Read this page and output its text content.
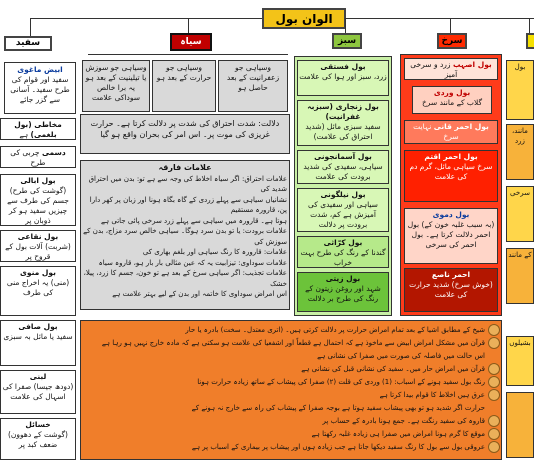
الوان بول
سفید	سیاہ	سبز	سرخ
وسیاہی جو سوزش یا تیلینیت کے بعد ہو یہ برا خالص سوداکی علامت
وسیاہی جو حرارت کے بعد ہو
وسیاہی جو زعفرانیت کے بعد حاصل ہو
دلالت: شدت احتراق کی شدت پر دلالت کرتا ہے۔ حرارت غریزی کی موت پر۔ اس امر کی بحران واقع ہو گیا
علامات فارقہ
علامات احتراق: اگر سیاہ اخلاط کی وجہ سے ہے تو: بدن میں احتراق شدید کی
نشانیاں سیاہی سے پہلے زردی کے گاہ بگاہ ہونا اور زبان پر کھر دارا پن، قارورہ مستقیم
ہوتا ہے۔ قارورہ میں سیاہی سے پہلے زرد سرخی پائی جاتی ہے
علامات برودت: یا تو بدن سرد ہوگا۔ سیاہی خالص سرد مزاج، بدن کے سوزش کی
علامات: قارورہ کا رنگ سیاہی اور بلغم بھاری کی
علامات سوداوی: تیزابیت یہ کہ عین مثالی بار بار ہو، قاروہ سیاہ
علامات تجذیب: اگر سیاہی سرخ کے بعد ہے تو خون، جسم کا زرد، پیلا، خشک
اس امراض سوداوی کا خاتمہ اور بدن کے لیے بہتر علامت ہے
بول فستقی
زرد، سبز اور ہوا کی علامت
بول زنجاری (سبزبہ غفرانیت)
سفید سبزی مائل (شدید احتراق کی علامت)
بول آسمانجونی
سیاہی، سفیدی کی شدید برودت کی علامت
بول نیلگونی
سیاہی اور سفیدی کی آمیزش ہے کم، شدت برودت پر دلالت
بول کرّاثی
گندنا کے رنگ کی طرح بہت خراب
بول زیتی
شہد اور روغن زیتون کے رنگ کی طرح بر دلالت
بول اصہب زرد و سرخی آمیز
بول وردی
گلاب کے مانند سرخ
بول احمر قانی نہایت سرخ
بول احمر اقتم
سرخ سیاہی مائل، گرم دم کی علامت
بول دموی
(بہ سبب غلبہ خون کے) بول احمر دلالت کرتا ہے۔ بول احمر کی سرخی
احمر ناصع
(خوش سرخ) شدید حرارت کی علامت
بول
مانند، زرد
سرخی
کے مانند
بشیلوں
ابیض ماغوی
سفید اور قوام کی طرح سفید۔ آسانی سے گزر جائے
مخاطی (بول بلغمی) ہے
دسمی چربی کی طرح
بول ابالی
(گوشت کی طرح) جسم کی طرف سے چیزیں سفید ہو کر ذوبان پر
بول نقاعی
(شربت) آلات بول کے قروح پر
بول منوی
(منی) یہ اخراج منی کی طرف
بول صافی
سفید یا مائل بہ سبزی
لبنی
(دودھ جیسا) صفرا کی اسہال کی علامت
خسائل
(گوشت کے دھوون) ضعف کبد پر
شیخ کے مطابق اشیا کے بعد تمام امراض حرارت پر دلالت کرتی ہیں۔ (اتری معتدل۔ سخت) بادرہ یا حار
قرآن میں مشکل امراض ابیض سے ماخوذ ہے کہ احتمال ہے قطعاً اور اشفعیا کی علامت ہو سکتی ہے کہ مادہ خارج نہیں ہو رہا ہے
اس حالت میں فاصلہ کی صورت میں صفرا کی نشانی ہے
قرآن میں امراض حار میں۔ سفید کی نشانی قبل کی نشانی ہے
رنگ بول سفید ہونے کے اسباب: (1) وردی کی قلت (۲) صفرا کی پیشاب کے ساتھ زیادہ حرارت ہونا
عرق ہیں اخلاط کا قوام بیدا کرتا ہے
حرارت اگر شدید ہو تو بھی پیشاب سفید ہوتا ہے بوجہ صفرا کے پیشاب کی راہ سے خارج نہ ہونے کے
قاروہ کی سفید رنگت ہے۔ جمع ہونا بادرہ کے حساب پر
موقع کا گرم ہونا امراض میں صفرا ہی زیادہ غلبہ رکھتا ہے
عروقی بول سے بول کا رنگ سفید دیکھا جاتا ہے جب زیادہ ہوں اور پیشاب پر بیماری کے اسباب پر ہے
